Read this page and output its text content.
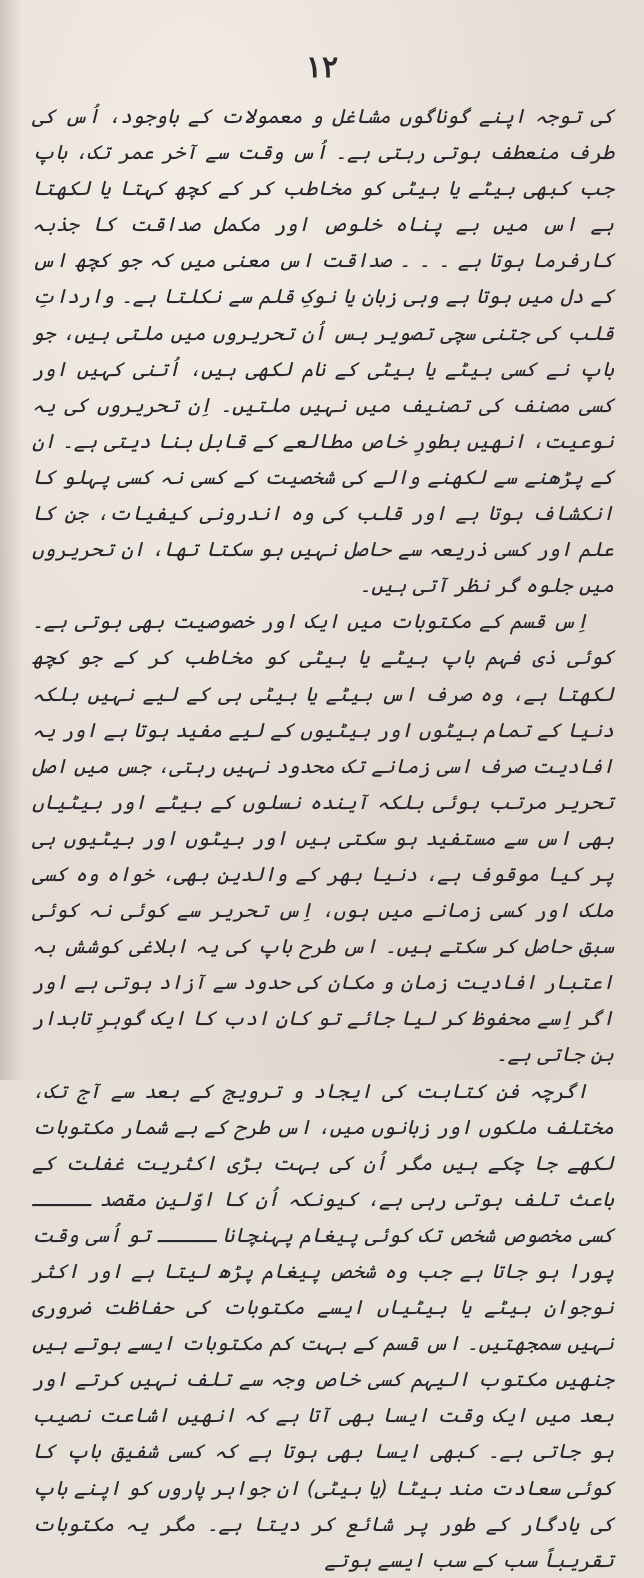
۱۲

کی توجہ اپنے گوناگوں مشاغل و معمولات کے باوجود، اُس کی طرف منعطف ہوتی رہتی ہے۔ اُس وقت سے آخر عمر تک، باپ جب کبھی بیٹے یا بیٹی کو مخاطب کر کے کچھ کہتا یا لکھتا ہے اس میں بے پناہ خلوص اور مکمل صداقت کا جذبہ کارفرما ہوتا ہے ۔ ۔ ۔ صداقت اس معنی میں کہ جو کچھ اس کے دل میں ہوتا ہے وہی زبان یا نوکِ قلم سے نکلتا ہے۔ وارداتِ قلب کی جتنی سچی تصویر بس اُن تحریروں میں ملتی ہیں، جو باپ نے کسی بیٹے یا بیٹی کے نام لکھی ہیں، اُتنی کہیں اور کسی مصنف کی تصنیف میں نہیں ملتیں۔ اِن تحریروں کی یہ نوعیت، انھیں بطورِ خاص مطالعے کے قابل بنا دیتی ہے۔ ان کے پڑھنے سے لکھنے والے کی شخصیت کے کسی نہ کسی پہلو کا انکشاف ہوتا ہے اور قلب کی وہ اندرونی کیفیات، جن کا علم اور کسی ذریعہ سے حاصل نہیں ہو سکتا تھا، ان تحریروں میں جلوہ گر نظر آتی ہیں۔

اِس قسم کے مکتوبات میں ایک اور خصوصیت بھی ہوتی ہے۔ کوئی ذی فہم باپ بیٹے یا بیٹی کو مخاطب کر کے جو کچھ لکھتا ہے، وہ صرف اس بیٹے یا بیٹی ہی کے لیے نہیں بلکہ دنیا کے تمام بیٹوں اور بیٹیوں کے لیے مفید ہوتا ہے اور یہ افادیت صرف اسی زمانے تک محدود نہیں رہتی، جس میں اصل تحریر مرتب ہوئی بلکہ آیندہ نسلوں کے بیٹے اور بیٹیاں بھی اس سے مستفید ہو سکتی ہیں اور بیٹوں اور بیٹیوں ہی پر کیا موقوف ہے، دنیا بھر کے والدین بھی، خواہ وہ کسی ملک اور کسی زمانے میں ہوں، اِس تحریر سے کوئی نہ کوئی سبق حاصل کر سکتے ہیں۔ اس طرح باپ کی یہ ابلاغی کوشش بہ اعتبار افادیت زمان و مکان کی حدود سے آزاد ہوتی ہے اور اگر اِسے محفوظ کر لیا جائے تو کانِ ادب کا ایک گوہرِ تابدار بن جاتی ہے۔

اگرچہ فنِ کتابت کی ایجاد و ترویج کے بعد سے آج تک، مختلف ملکوں اور زبانوں میں، اس طرح کے بے شمار مکتوبات لکھے جا چکے ہیں مگر اُن کی بہت بڑی اکثریت غفلت کے باعث تلف ہوتی رہی ہے، کیونکہ اُن کا اوّلین مقصد ـــــ کسی مخصوص شخص تک کوئی پیغام پہنچانا ـــــ تو اُسی وقت پورا ہو جاتا ہے جب وہ شخص پیغام پڑھ لیتا ہے اور اکثر نوجوان بیٹے یا بیٹیاں ایسے مکتوبات کی حفاظت ضروری نہیں سمجھتیں۔ اس قسم کے بہت کم مکتوبات ایسے ہوتے ہیں جنھیں مکتوب الیہم کسی خاص وجہ سے تلف نہیں کرتے اور بعد میں ایک وقت ایسا بھی آتا ہے کہ انھیں اشاعت نصیب ہو جاتی ہے۔ کبھی ایسا بھی ہوتا ہے کہ کسی شفیق باپ کا کوئی سعادت مند بیٹا (یا بیٹی) ان جواہر پاروں کو اپنے باپ کی یادگار کے طور پر شائع کر دیتا ہے۔ مگر یہ مکتوبات تقریباً سب کے سب ایسے ہوتے
